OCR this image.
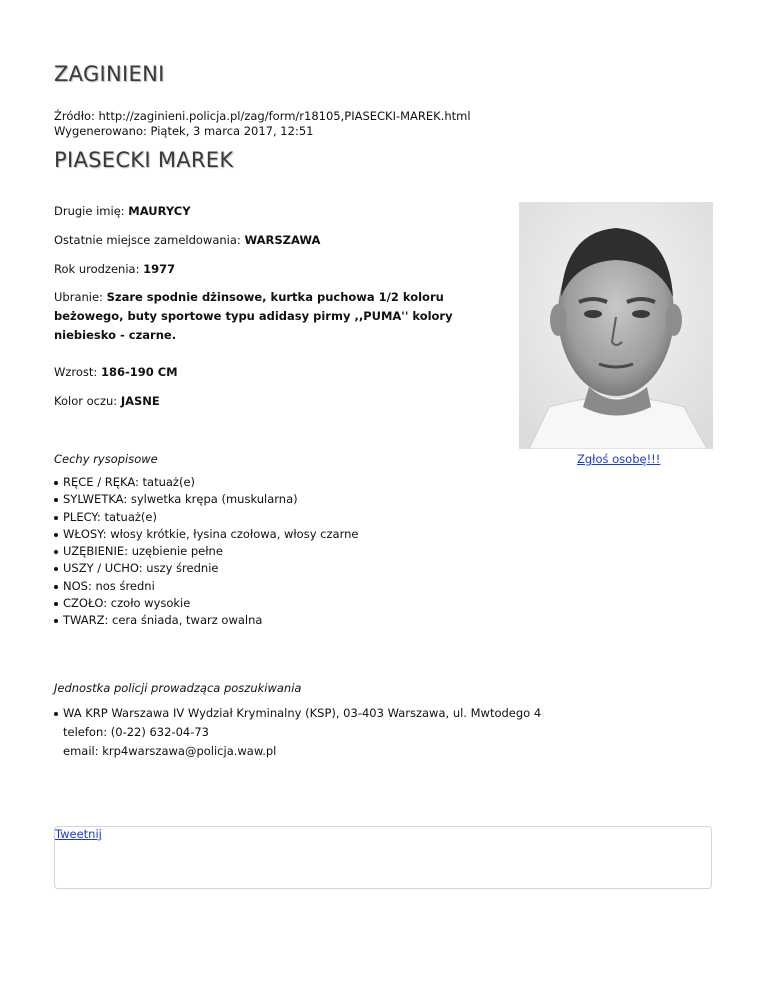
ZAGINIENI
Źródło: http://zaginieni.policja.pl/zag/form/r18105,PIASECKI-MAREK.html
Wygenerowano: Piątek, 3 marca 2017, 12:51
PIASECKI MAREK
Drugie imię: MAURYCY
Ostatnie miejsce zameldowania: WARSZAWA
Rok urodzenia: 1977
Ubranie: Szare spodnie dżinsowe, kurtka puchowa 1/2 koloru beżowego, buty sportowe typu adidasy pirmy ,,PUMA'' kolory niebiesko - czarne.
Wzrost: 186-190 CM
Kolor oczu: JASNE
Cechy rysopisowe
RĘCE / RĘKA: tatuaż(e)
SYLWETKA: sylwetka krępa (muskularna)
PLECY: tatuaż(e)
WŁOSY: włosy krótkie, łysina czołowa, włosy czarne
UZĘBIENIE: uzębienie pełne
USZY / UCHO: uszy średnie
NOS: nos średni
CZOŁO: czoło wysokie
TWARZ: cera śniada, twarz owalna
Jednostka policji prowadząca poszukiwania
WA KRP Warszawa IV Wydział Kryminalny (KSP), 03-403 Warszawa, ul. Mwtodego 4
telefon: (0-22) 632-04-73
email: krp4warszawa@policja.waw.pl
Zgłoś osobę!!!
Tweetnij
